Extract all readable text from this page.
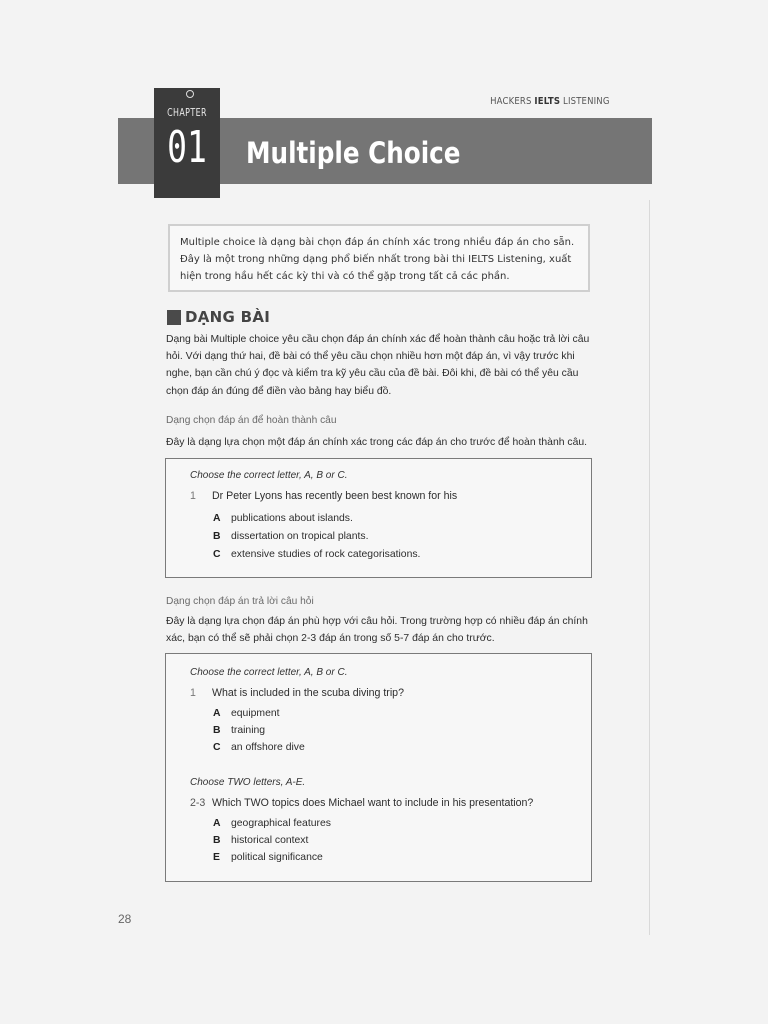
HACKERS IELTS LISTENING
CHAPTER
01 Multiple Choice
Multiple choice là dạng bài chọn đáp án chính xác trong nhiều đáp án cho sẵn. Đây là một trong những dạng phổ biến nhất trong bài thi IELTS Listening, xuất hiện trong hầu hết các kỳ thi và có thể gặp trong tất cả các phần.
DẠNG BÀI
Dạng bài Multiple choice yêu cầu chọn đáp án chính xác để hoàn thành câu hoặc trả lời câu hỏi. Với dạng thứ hai, đề bài có thể yêu cầu chọn nhiều hơn một đáp án, vì vậy trước khi nghe, bạn cần chú ý đọc và kiểm tra kỹ yêu cầu của đề bài. Đôi khi, đề bài có thể yêu cầu chọn đáp án đúng để điền vào bảng hay biểu đồ.
Dạng chọn đáp án để hoàn thành câu
Đây là dạng lựa chọn một đáp án chính xác trong các đáp án cho trước để hoàn thành câu.
Choose the correct letter, A, B or C.
1 Dr Peter Lyons has recently been best known for his
A publications about islands.
B dissertation on tropical plants.
C extensive studies of rock categorisations.
Dạng chọn đáp án trả lời câu hỏi
Đây là dạng lựa chọn đáp án phù hợp với câu hỏi. Trong trường hợp có nhiều đáp án chính xác, bạn có thể sẽ phải chọn 2-3 đáp án trong số 5-7 đáp án cho trước.
Choose the correct letter, A, B or C.
1 What is included in the scuba diving trip?
A equipment
B training
C an offshore dive
Choose TWO letters, A-E.
2-3 Which TWO topics does Michael want to include in his presentation?
A geographical features
B historical context
E political significance
28
